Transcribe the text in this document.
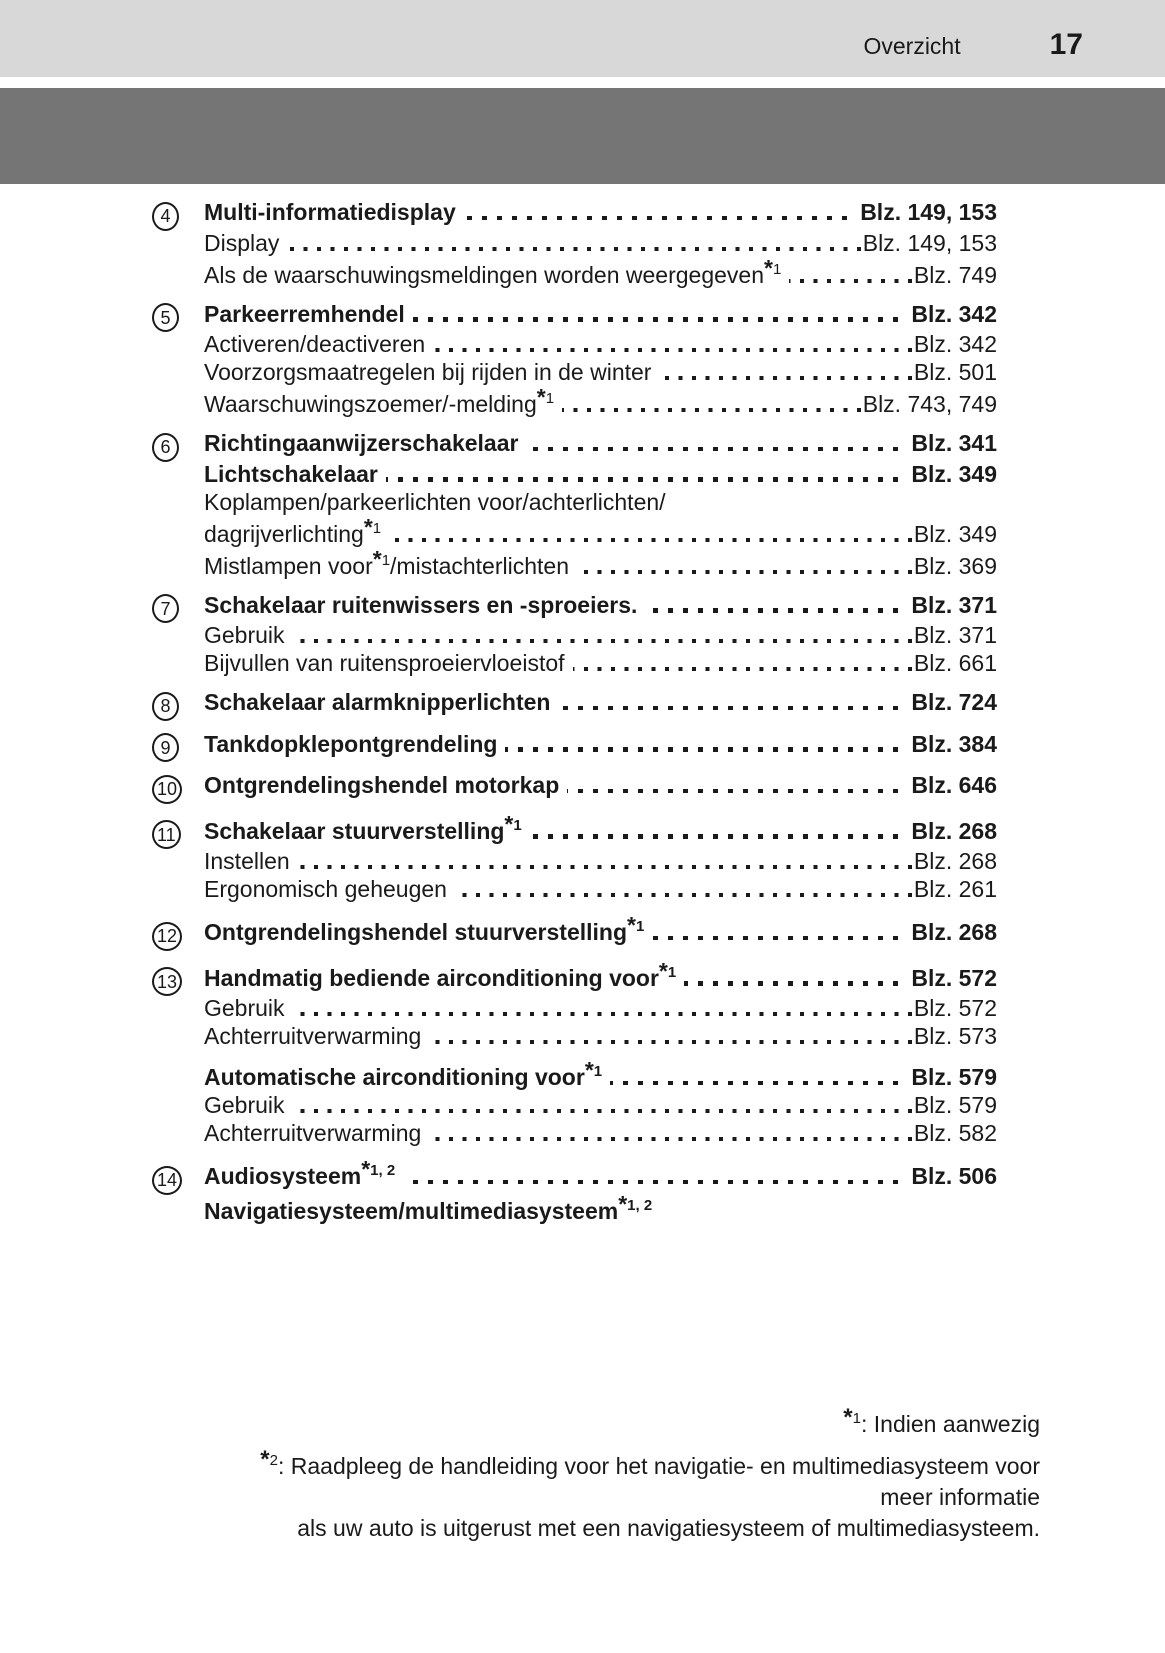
Overzicht	17
4	Multi-informatiedisplay	Blz. 149, 153
Display	Blz. 149, 153
Als de waarschuwingsmeldingen worden weergegeven*$^1$	Blz. 749
5	Parkeerremhendel	Blz. 342
Activeren/deactiveren	Blz. 342
Voorzorgsmaatregelen bij rijden in de winter	Blz. 501
Waarschuwingszoemer/-melding*$^1$	Blz. 743, 749
6	Richtingaanwijzerschakelaar	Blz. 341
Lichtschakelaar	Blz. 349
Koplampen/parkeerlichten voor/achterlichten/
dagrijverlichting*$^1$	Blz. 349
Mistlampen voor*$^1$/mistachterlichten	Blz. 369
7	Schakelaar ruitenwissers en -sproeiers.	Blz. 371
Gebruik	Blz. 371
Bijvullen van ruitensproeiervloeistof	Blz. 661
8	Schakelaar alarmknipperlichten	Blz. 724
9	Tankdopklepontgrendeling	Blz. 384
10	Ontgrendelingshendel motorkap	Blz. 646
11	Schakelaar stuurverstelling*$^1$	Blz. 268
Instellen	Blz. 268
Ergonomisch geheugen	Blz. 261
12	Ontgrendelingshendel stuurverstelling*$^1$	Blz. 268
13	Handmatig bediende airconditioning voor*$^1$	Blz. 572
Gebruik	Blz. 572
Achterruitverwarming	Blz. 573
Automatische airconditioning voor*$^1$	Blz. 579
Gebruik	Blz. 579
Achterruitverwarming	Blz. 582
14	Audiosysteem*$^{1, 2}$	Blz. 506
Navigatiesysteem/multimediasysteem*$^{1, 2}$
*$^1$: Indien aanwezig
*$^2$: Raadpleeg de handleiding voor het navigatie- en multimediasysteem voor
meer informatie
als uw auto is uitgerust met een navigatiesysteem of multimediasysteem.
